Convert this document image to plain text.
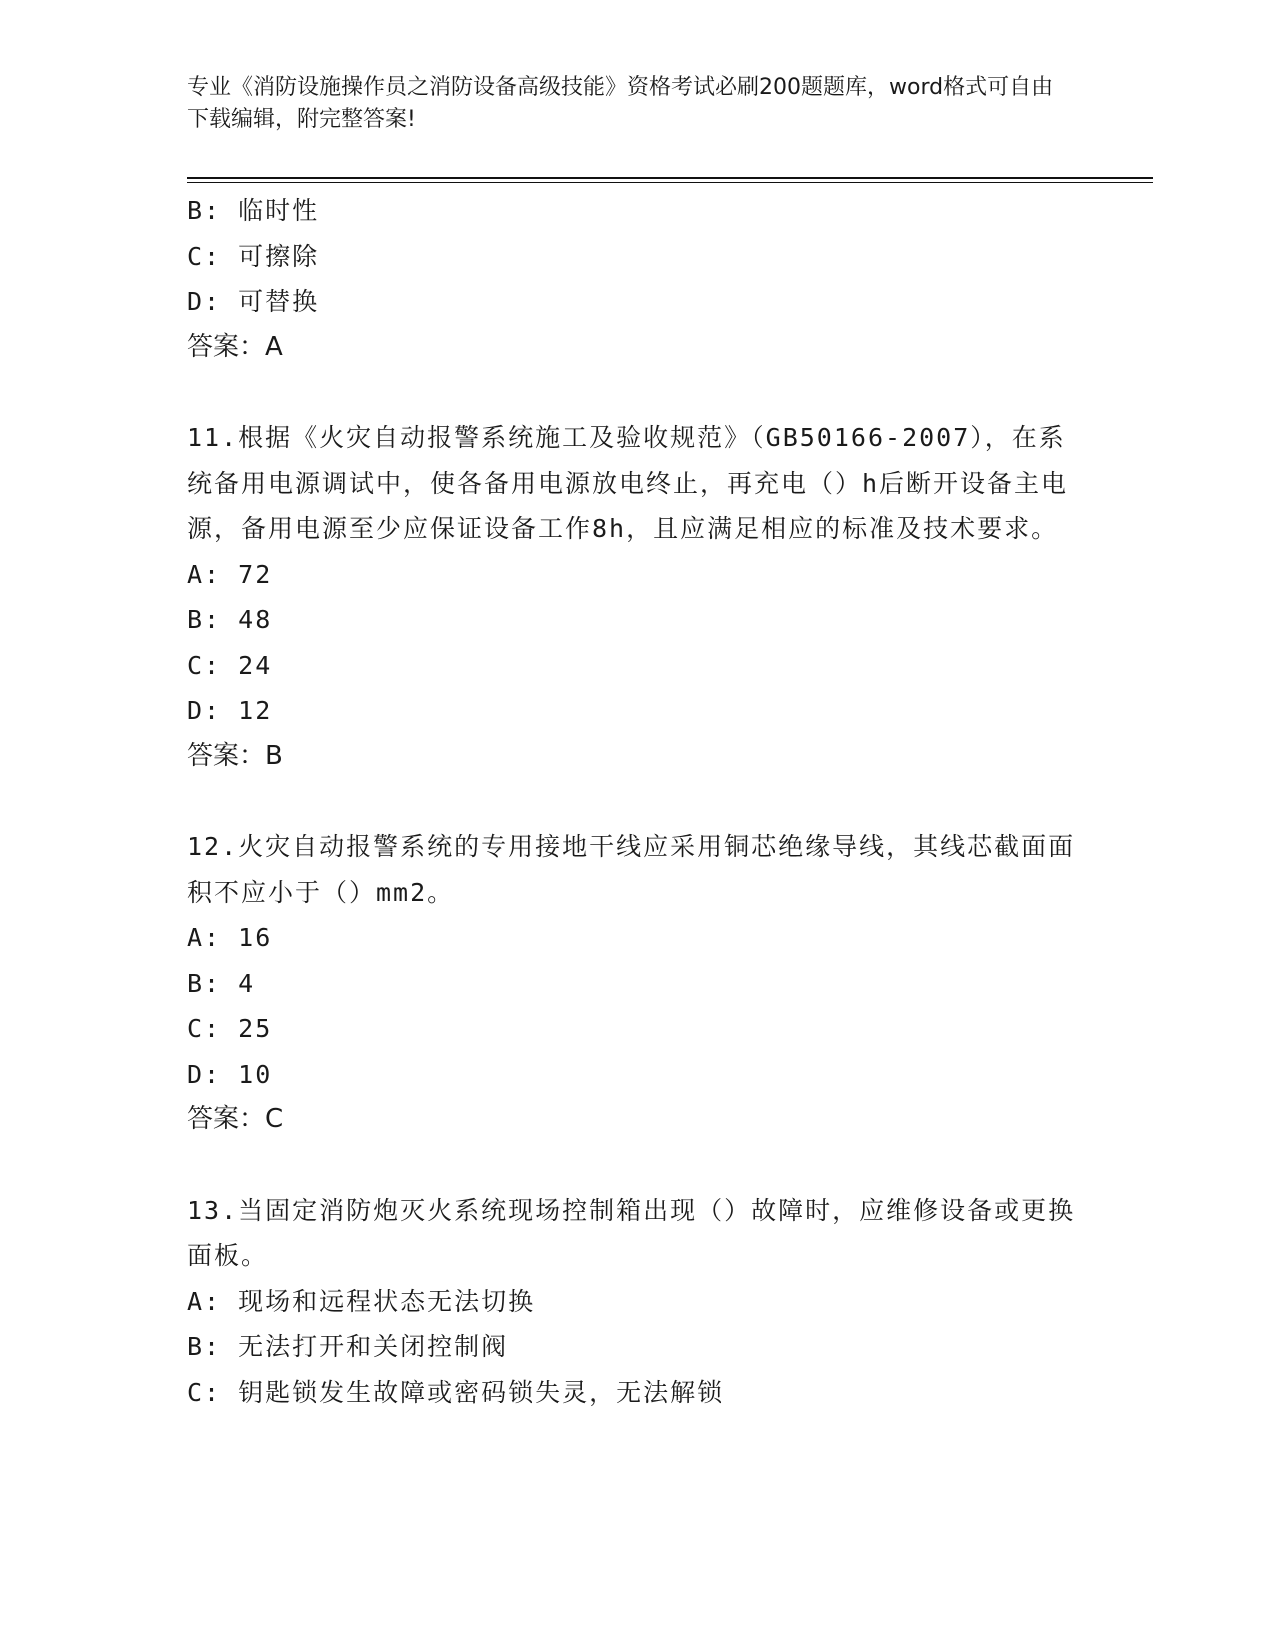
专业《消防设施操作员之消防设备高级技能》资格考试必刷200题题库，word格式可自由下载编辑，附完整答案!
B: 临时性
C: 可擦除
D: 可替换
答案：A
11.根据《火灾自动报警系统施工及验收规范》（GB50166-2007），在系统备用电源调试中，使各备用电源放电终止，再充电（）h后断开设备主电源，备用电源至少应保证设备工作8h，且应满足相应的标准及技术要求。
A: 72
B: 48
C: 24
D: 12
答案：B
12.火灾自动报警系统的专用接地干线应采用铜芯绝缘导线，其线芯截面面积不应小于（）mm2。
A: 16
B: 4
C: 25
D: 10
答案：C
13.当固定消防炮灭火系统现场控制箱出现（）故障时，应维修设备或更换面板。
A: 现场和远程状态无法切换
B: 无法打开和关闭控制阀
C: 钥匙锁发生故障或密码锁失灵，无法解锁
